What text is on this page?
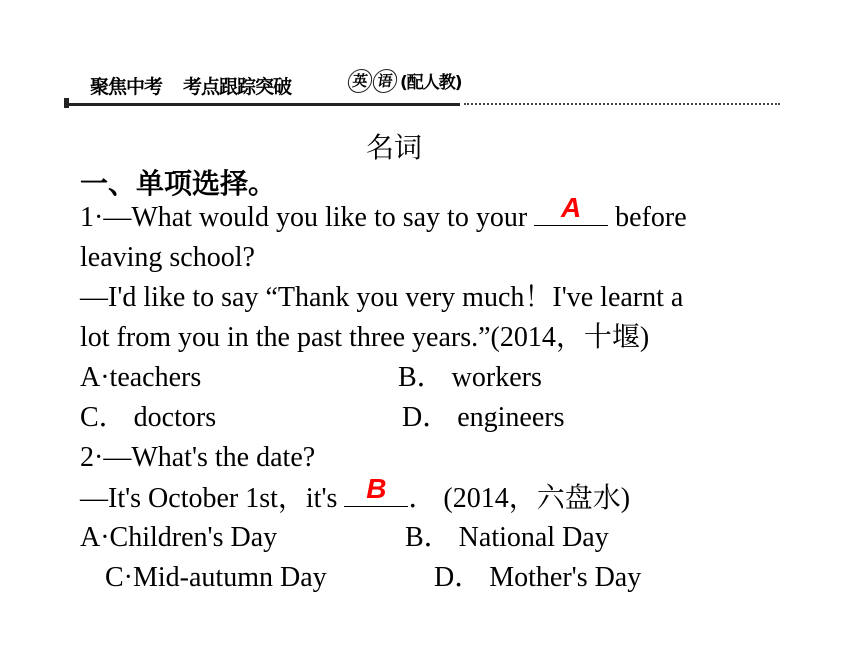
聚焦中考 考点跟踪突破	英 语 (配人教)
名词
一、单项选择。
1·—What would you like to say to your A before
leaving school?
—I'd like to say “Thank you very much！I've learnt a
lot from you in the past three years.”(2014，十堰)
A·teachers	B． workers
C． doctors	D． engineers
2·—What's the date?
—It's October 1st，it's B ． (2014，六盘水)
A·Children's Day	B． National Day
C·Mid-autumn Day	D． Mother's Day
